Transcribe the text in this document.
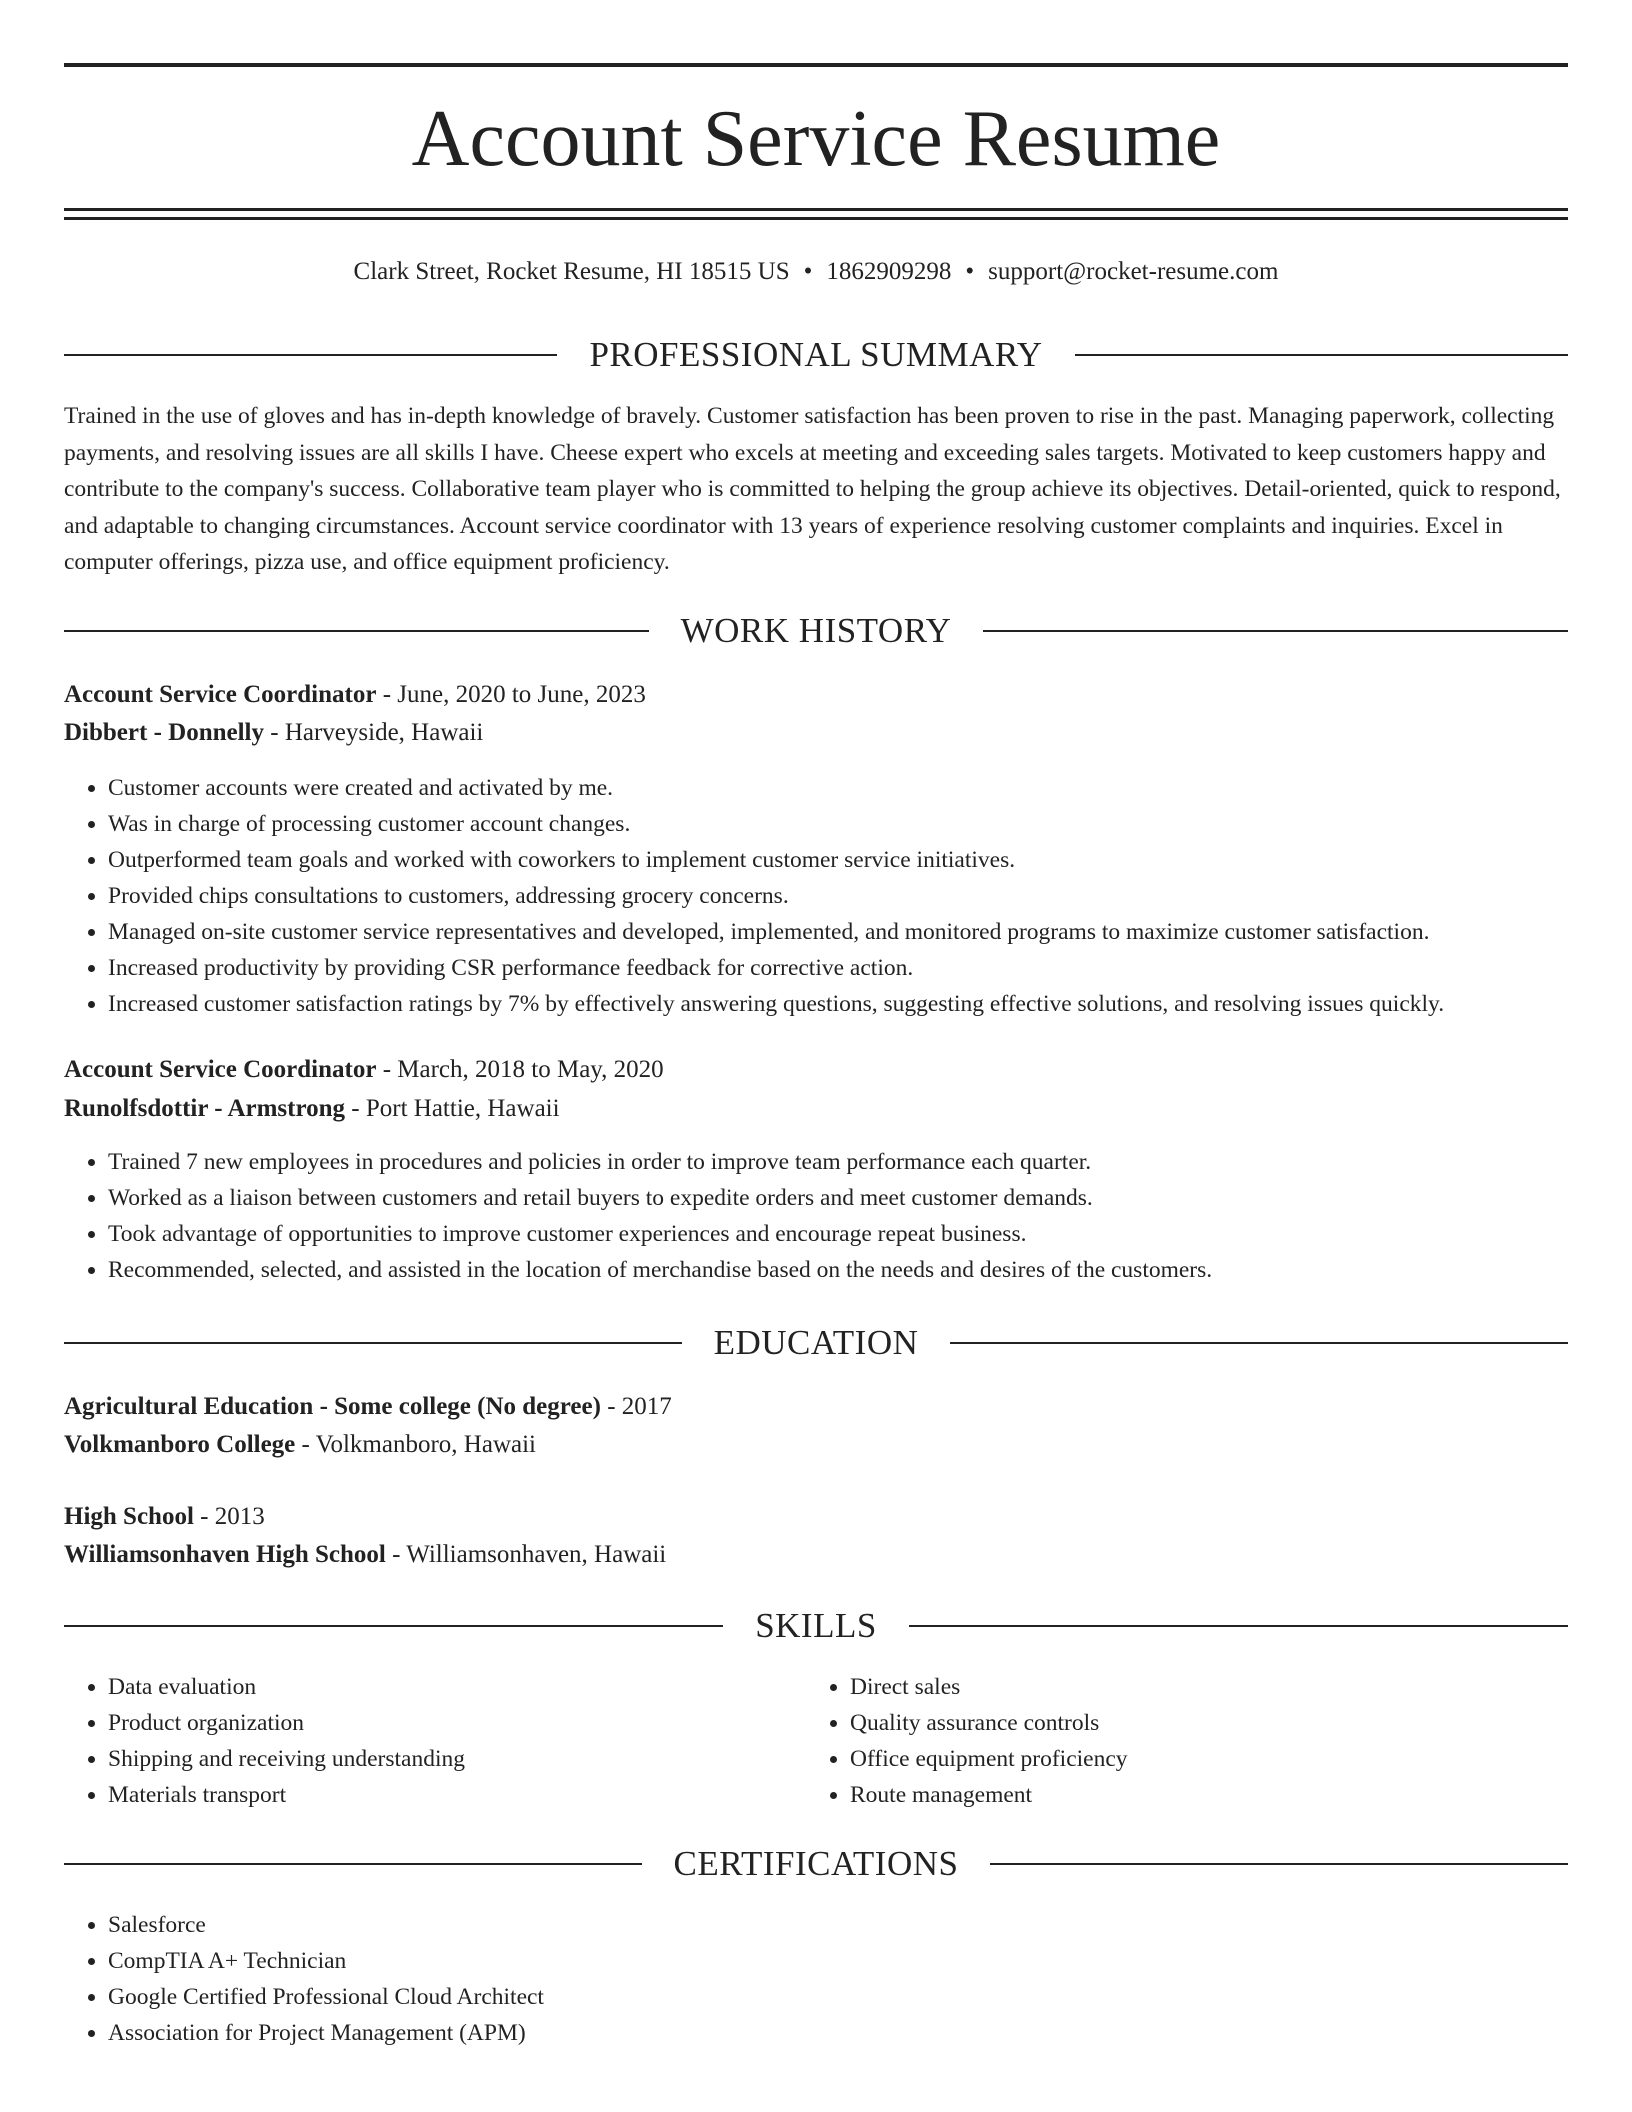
Account Service Resume
Clark Street, Rocket Resume, HI 18515 US • 1862909298 • support@rocket-resume.com
PROFESSIONAL SUMMARY

Trained in the use of gloves and has in-depth knowledge of bravely. Customer satisfaction has been proven to rise in the past. Managing paperwork, collecting payments, and resolving issues are all skills I have. Cheese expert who excels at meeting and exceeding sales targets. Motivated to keep customers happy and contribute to the company's success. Collaborative team player who is committed to helping the group achieve its objectives. Detail-oriented, quick to respond, and adaptable to changing circumstances. Account service coordinator with 13 years of experience resolving customer complaints and inquiries. Excel in computer offerings, pizza use, and office equipment proficiency.

WORK HISTORY
Account Service Coordinator - June, 2020 to June, 2023
Dibbert - Donnelly - Harveyside, Hawaii
• Customer accounts were created and activated by me.
• Was in charge of processing customer account changes.
• Outperformed team goals and worked with coworkers to implement customer service initiatives.
• Provided chips consultations to customers, addressing grocery concerns.
• Managed on-site customer service representatives and developed, implemented, and monitored programs to maximize customer satisfaction.
• Increased productivity by providing CSR performance feedback for corrective action.
• Increased customer satisfaction ratings by 7% by effectively answering questions, suggesting effective solutions, and resolving issues quickly.
Account Service Coordinator - March, 2018 to May, 2020
Runolfsdottir - Armstrong - Port Hattie, Hawaii
• Trained 7 new employees in procedures and policies in order to improve team performance each quarter.
• Worked as a liaison between customers and retail buyers to expedite orders and meet customer demands.
• Took advantage of opportunities to improve customer experiences and encourage repeat business.
• Recommended, selected, and assisted in the location of merchandise based on the needs and desires of the customers.
EDUCATION
Agricultural Education - Some college (No degree) - 2017
Volkmanboro College - Volkmanboro, Hawaii
High School - 2013
Williamsonhaven High School - Williamsonhaven, Hawaii
SKILLS
• Data evaluation
• Product organization
• Shipping and receiving understanding
• Materials transport
• Direct sales
• Quality assurance controls
• Office equipment proficiency
• Route management
CERTIFICATIONS
• Salesforce
• CompTIA A+ Technician
• Google Certified Professional Cloud Architect
• Association for Project Management (APM)
